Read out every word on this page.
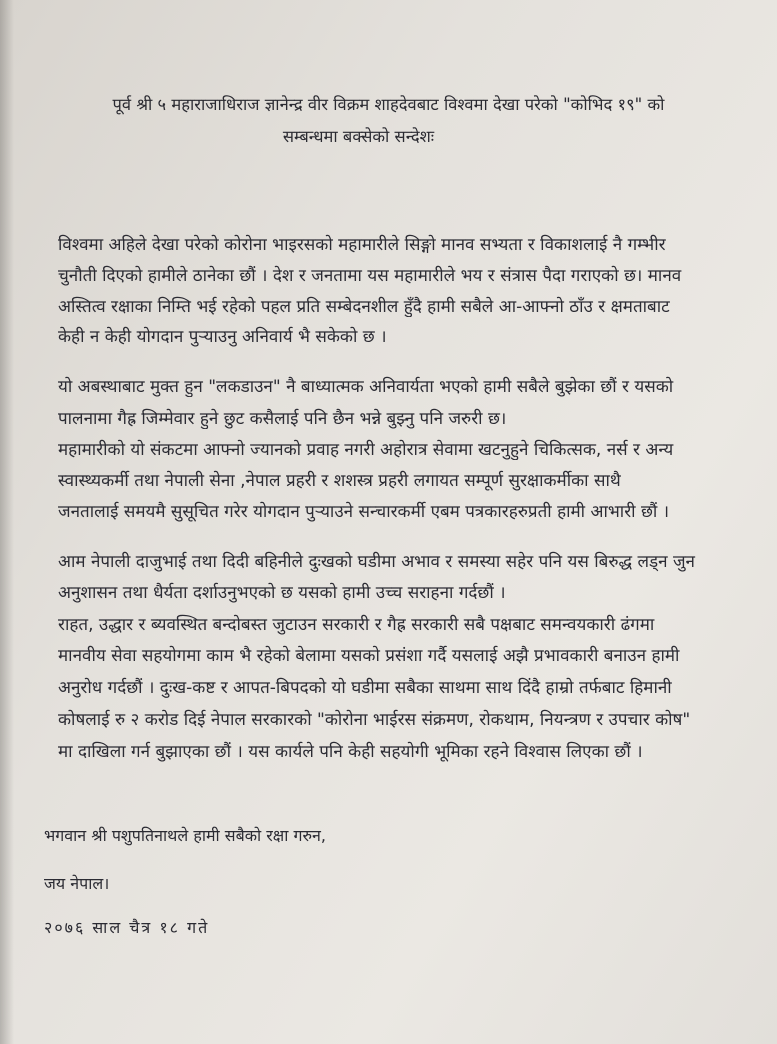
पूर्व श्री ५ महाराजाधिराज ज्ञानेन्द्र वीर विक्रम शाहदेवबाट विश्वमा देखा परेको "कोभिद १९" को
सम्बन्धमा बक्सेको सन्देशः
विश्वमा अहिले देखा परेको कोरोना भाइरसको महामारीले सिङ्गो मानव सभ्यता र विकाशलाई नै गम्भीर
चुनौती दिएको हामीले ठानेका छौं । देश र जनतामा यस महामारीले भय र संत्रास पैदा गराएको छ। मानव
अस्तित्व रक्षाका निम्ति भई रहेको पहल प्रति सम्बेदनशील हुँदै हामी सबैले आ-आफ्नो ठाँउ र क्षमताबाट
केही न केही योगदान पुर्‍याउनु अनिवार्य भै सकेको छ ।
यो अबस्थाबाट मुक्त हुन "लकडाउन" नै बाध्यात्मक अनिवार्यता भएको हामी सबैले बुझेका छौं र यसको
पालनामा गैह्र जिम्मेवार हुने छुट कसैलाई पनि छैन भन्ने बुझ्नु पनि जरुरी छ।
महामारीको यो संकटमा आफ्नो ज्यानको प्रवाह नगरी अहोरात्र सेवामा खटनुहुने चिकित्सक, नर्स र अन्य
स्वास्थ्यकर्मी तथा नेपाली सेना ,नेपाल प्रहरी र शशस्त्र प्रहरी लगायत सम्पूर्ण सुरक्षाकर्मीका साथै
जनतालाई समयमै सुसूचित गरेर योगदान पुर्‍याउने सन्चारकर्मी एबम पत्रकारहरुप्रती हामी आभारी छौं ।
आम नेपाली दाजुभाई तथा दिदी बहिनीले दुःखको घडीमा अभाव र समस्या सहेर पनि यस बिरुद्ध लड्न जुन
अनुशासन तथा धैर्यता दर्शाउनुभएको छ यसको हामी उच्च सराहना गर्दछौं ।
राहत, उद्धार र ब्यवस्थित बन्दोबस्त जुटाउन सरकारी र गैह्र सरकारी सबै पक्षबाट समन्वयकारी ढंगमा
मानवीय सेवा सहयोगमा काम भै रहेको बेलामा यसको प्रसंशा गर्दै यसलाई अझै प्रभावकारी बनाउन हामी
अनुरोध गर्दछौं । दुःख-कष्ट र आपत-बिपदको यो घडीमा सबैका साथमा साथ दिंदै हाम्रो तर्फबाट हिमानी
कोषलाई रु २ करोड दिई नेपाल सरकारको "कोरोना भाईरस संक्रमण, रोकथाम, नियन्त्रण र उपचार कोष"
मा दाखिला गर्न बुझाएका छौं । यस कार्यले पनि केही सहयोगी भूमिका रहने विश्वास लिएका छौं ।
भगवान श्री पशुपतिनाथले हामी सबैको रक्षा गरुन,
जय नेपाल।
२०७६ साल चैत्र १८ गते
